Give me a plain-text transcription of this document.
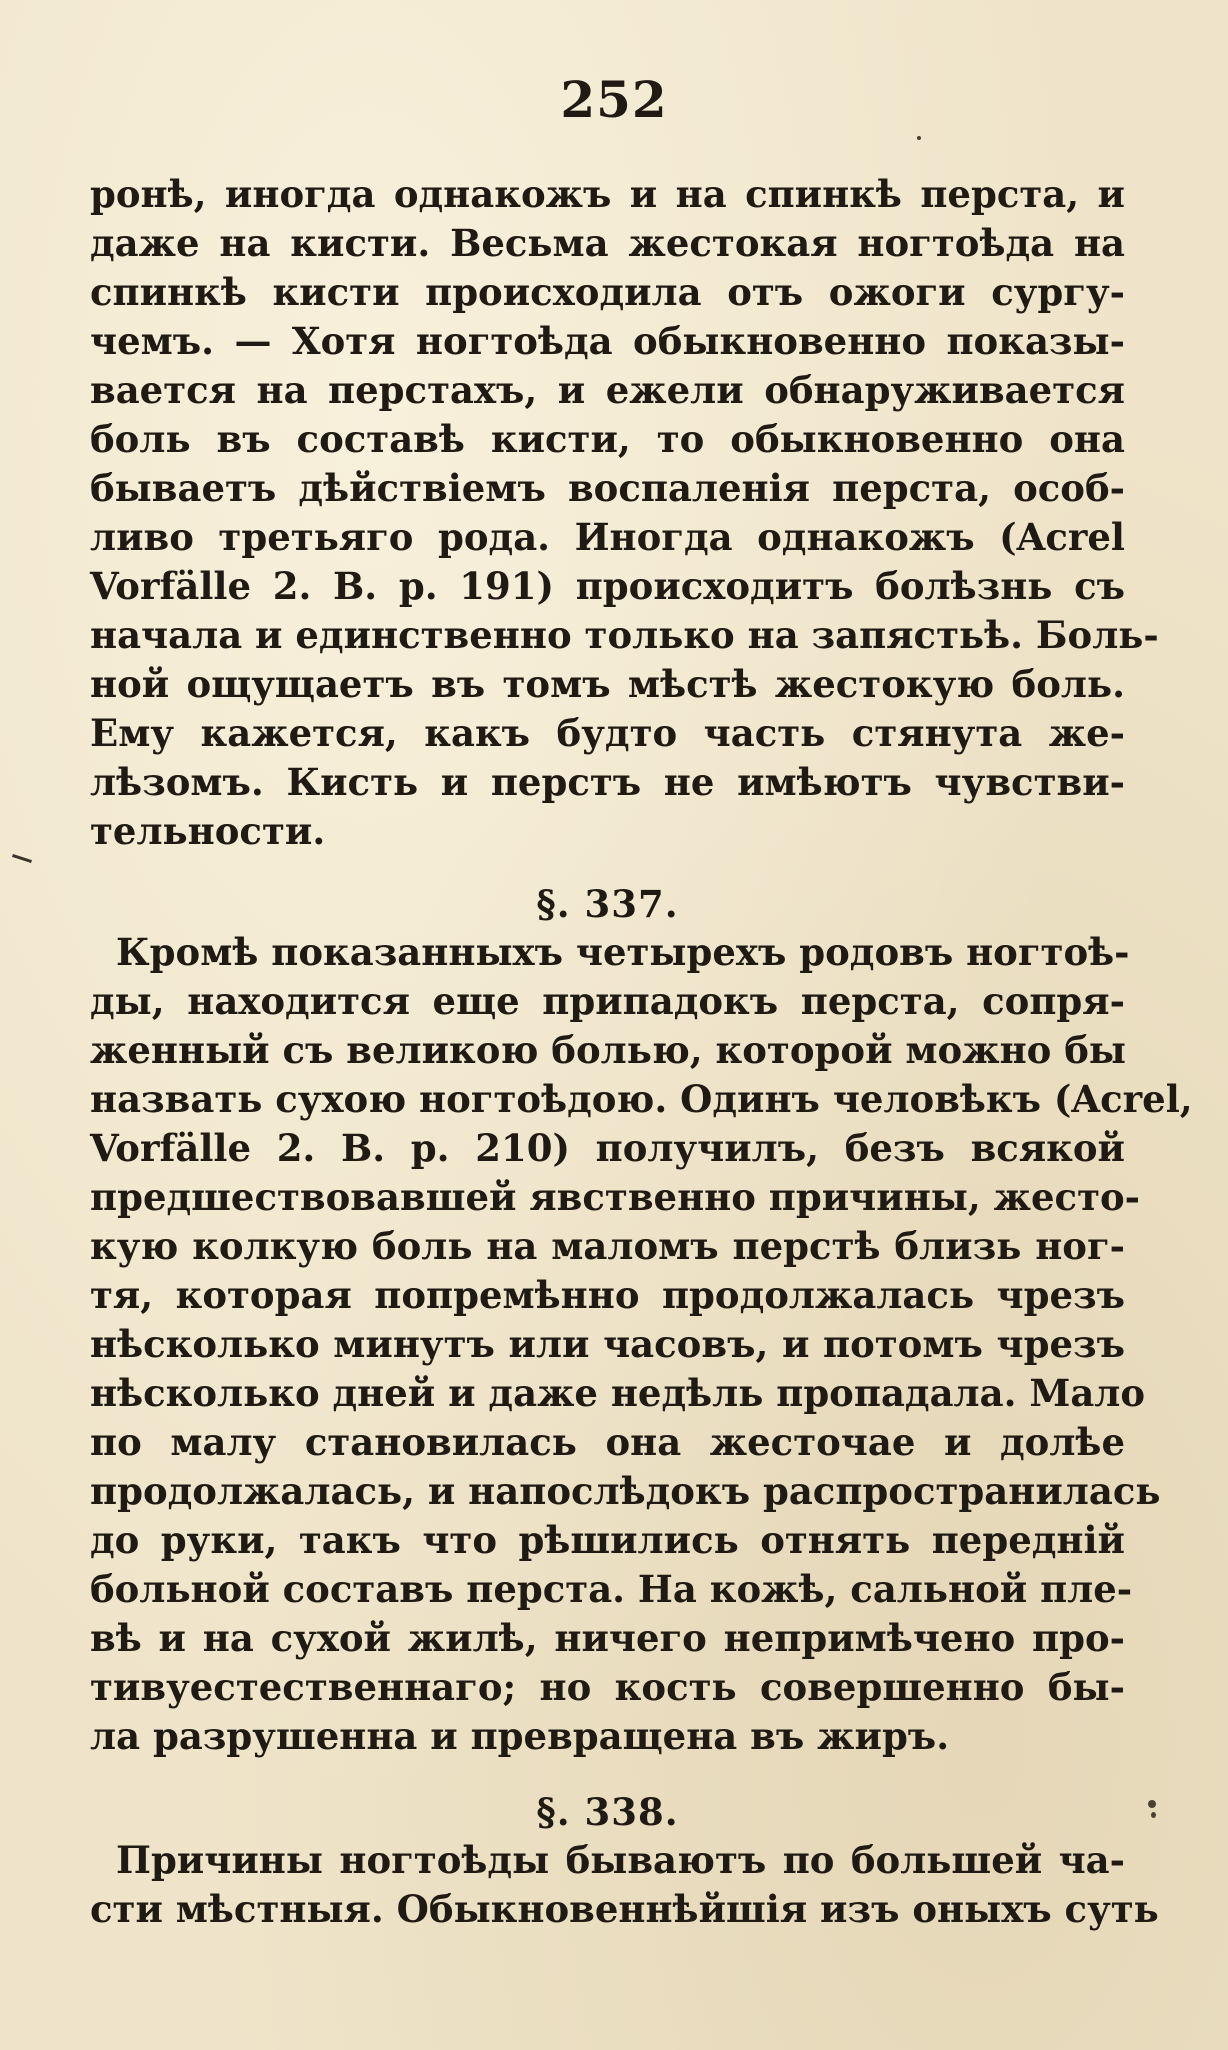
252
ронѣ, иногда однакожъ и на спинкѣ перста, и
даже на кисти. Весьма жестокая ногтоѣда на
спинкѣ кисти происходила отъ ожоги сургу-
чемъ. — Хотя ногтоѣда обыкновенно показы-
вается на перстахъ, и ежели обнаруживается
боль въ составѣ кисти, то обыкновенно она
бываетъ дѣйствіемъ воспаленія перста, особ-
ливо третьяго рода. Иногда однакожъ (Acrel
Vorfälle 2. B. p. 191) происходитъ болѣзнь съ
начала и единственно только на запястьѣ. Боль-
ной ощущаетъ въ томъ мѣстѣ жестокую боль.
Ему кажется, какъ будто часть стянута же-
лѣзомъ. Кисть и перстъ не имѣютъ чувстви-
тельности.
§. 337.
Кромѣ показанныхъ четырехъ родовъ ногтоѣ-
ды, находится еще припадокъ перста, сопря-
женный съ великою болью, которой можно бы
назвать сухою ногтоѣдою. Одинъ человѣкъ (Acrel,
Vorfälle 2. B. p. 210) получилъ, безъ всякой
предшествовавшей явственно причины, жесто-
кую колкую боль на маломъ перстѣ близь ног-
тя, которая попремѣнно продолжалась чрезъ
нѣсколько минутъ или часовъ, и потомъ чрезъ
нѣсколько дней и даже недѣль пропадала. Мало
по малу становилась она жесточае и долѣе
продолжалась, и напослѣдокъ распространилась
до руки, такъ что рѣшились отнять передній
больной составъ перста. На кожѣ, сальной пле-
вѣ и на сухой жилѣ, ничего непримѣчено про-
тивуестественнаго; но кость совершенно бы-
ла разрушенна и превращена въ жиръ.
§. 338.
Причины ногтоѣды бываютъ по большей ча-
сти мѣстныя. Обыкновеннѣйшія изъ оныхъ суть
